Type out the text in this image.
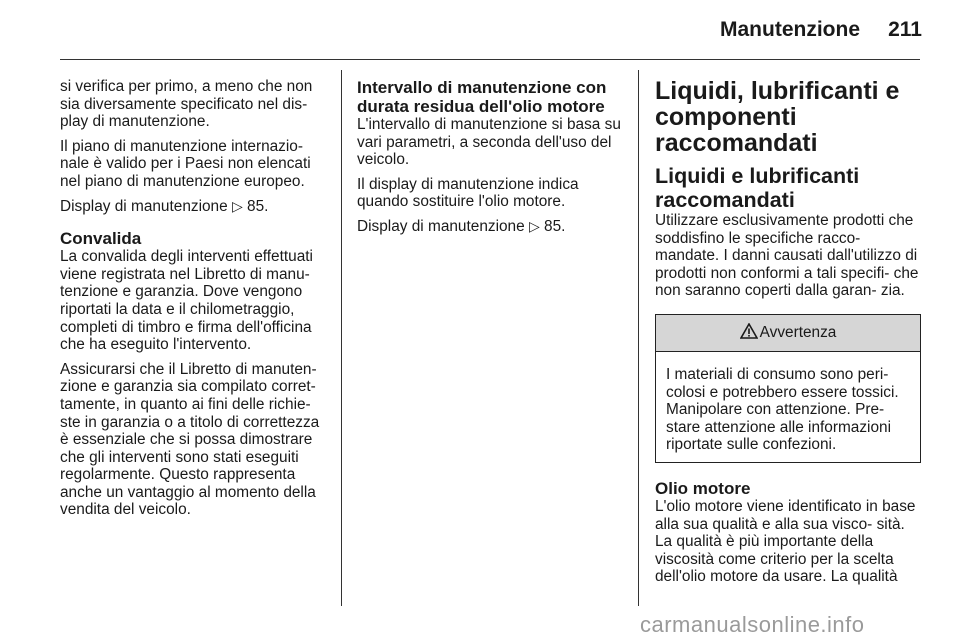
Manutenzione 211

si verifica per primo, a meno che non sia diversamente specificato nel dis- play di manutenzione.

Il piano di manutenzione internazio- nale è valido per i Paesi non elencati nel piano di manutenzione europeo.

Display di manutenzione ▷ 85.

Convalida

La convalida degli interventi effettuati viene registrata nel Libretto di manu- tenzione e garanzia. Dove vengono riportati la data e il chilometraggio, completi di timbro e firma dell'officina che ha eseguito l'intervento.

Assicurarsi che il Libretto di manuten- zione e garanzia sia compilato corret- tamente, in quanto ai fini delle richie- ste in garanzia o a titolo di correttezza è essenziale che si possa dimostrare che gli interventi sono stati eseguiti regolarmente. Questo rappresenta anche un vantaggio al momento della vendita del veicolo.

Intervallo di manutenzione con durata residua dell'olio motore

L'intervallo di manutenzione si basa su vari parametri, a seconda dell'uso del veicolo.

Il display di manutenzione indica quando sostituire l'olio motore.

Display di manutenzione ▷ 85.

Liquidi, lubrificanti e componenti raccomandati
Liquidi e lubrificanti raccomandati

Utilizzare esclusivamente prodotti che soddisfino le specifiche racco- mandate. I danni causati dall'utilizzo di prodotti non conformi a tali specifi- che non saranno coperti dalla garan- zia.

Avvertenza
I materiali di consumo sono peri- colosi e potrebbero essere tossici. Manipolare con attenzione. Pre- stare attenzione alle informazioni riportate sulle confezioni.
Olio motore

L'olio motore viene identificato in base alla sua qualità e alla sua visco- sità. La qualità è più importante della viscosità come criterio per la scelta dell'olio motore da usare. La qualità

carmanualsonline.info
